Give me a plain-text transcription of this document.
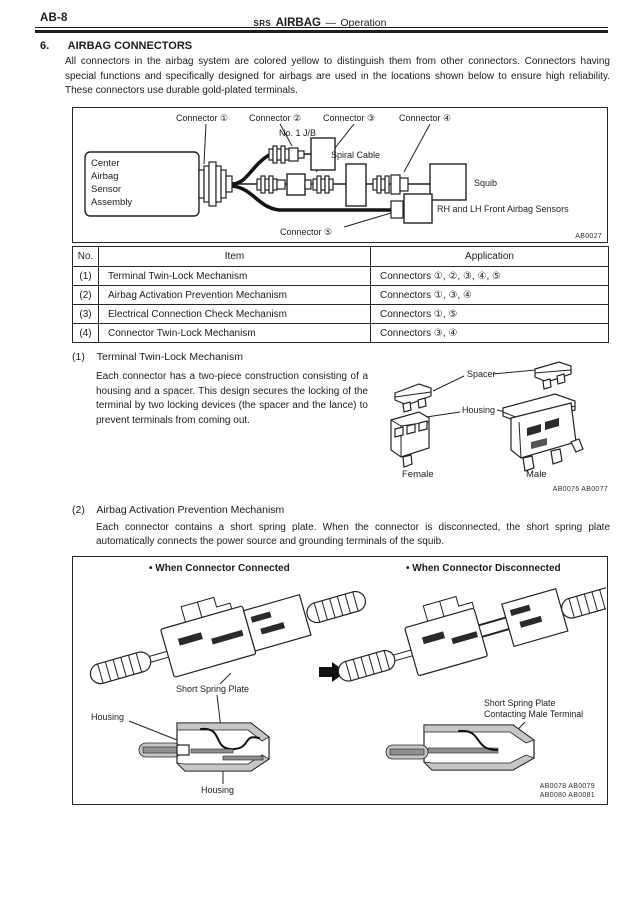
AB-8	SRS AIRBAG — Operation
6. AIRBAG CONNECTORS
All connectors in the airbag system are colored yellow to distinguish them from other connectors. Connectors having special functions and specifically designed for airbags are used in the locations shown below to ensure high reliability. These connectors use durable gold-plated terminals.
Connector ① Connector ② Connector ③	Connector ④
No. 1 J/B
Spiral Cable
Squib
RH and LH Front Airbag Sensors
Connector ⑤
Center
Airbag
Sensor
Assembly
AB0027
No.	Item	Application
(1)	Terminal Twin-Lock Mechanism	Connectors ①, ②, ③, ④, ⑤
(2)	Airbag Activation Prevention Mechanism	Connectors ①, ③, ④
(3)	Electrical Connection Check Mechanism	Connectors ①, ⑤
(4)	Connector Twin-Lock Mechanism	Connectors ③, ④
(1) Terminal Twin-Lock Mechanism
Each connector has a two-piece construction consisting of a housing and a spacer. This design secures the locking of the terminal by two locking devices (the spacer and the lance) to prevent terminals from coming out.
Spacer
Housing
Female	Male
AB0076 AB0077
(2) Airbag Activation Prevention Mechanism
Each connector contains a short spring plate. When the connector is disconnected, the short spring plate automatically connects the power source and grounding terminals of the squib.
• When Connector Connected	• When Connector Disconnected
Short Spring Plate
Housing
Housing
Short Spring Plate
Contacting Male Terminal
AB0078 AB0079
AB0080 AB0081
